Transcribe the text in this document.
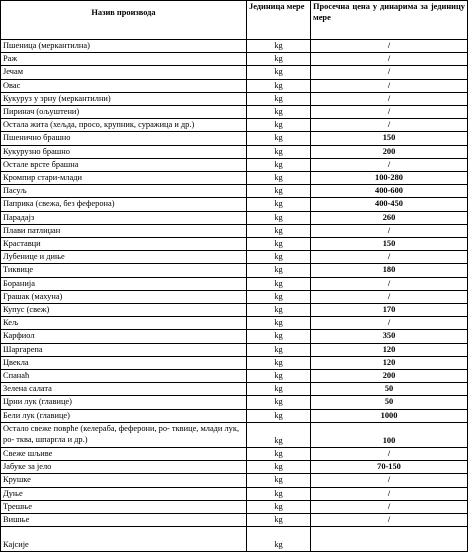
Назив производа	Јединица мере	Просечна цена у динарима за јединицу мере
Пшеница (меркантилна)	kg	/
Раж	kg	/
Јечам	kg	/
Овас	kg	/
Кукуруз у зрну (меркантилни)	kg	/
Пиринач (ољуштени)	kg	/
Остала жита (хељда, просо, крупник, суражица и др.)	kg	/
Пшенично брашно	kg	150
Кукурузно брашно	kg	200
Остале врсте брашна	kg	/
Кромпир стари-млади	kg	100-280
Пасуљ	kg	400-600
Паприка (свежа, без феферона)	kg	400-450
Парадајз	kg	260
Плави патлиџан	kg	/
Краставци	kg	150
Лубенице и диње	kg	/
Тиквице	kg	180
Боранија	kg	/
Грашак (махуна)	kg	/
Купус (свеж)	kg	170
Кељ	kg	/
Карфиол	kg	350
Шаргарепа	kg	120
Цвекла	kg	120
Спанаћ	kg	200
Зелена салата	kg	50
Црни лук (главице)	kg	50
Бели лук (главице)	kg	1000
Остало свеже поврће (келераба, феферони, ро- тквице, млади лук, ро- тква, шпаргла и др.)	kg	100
Свеже шљиве	kg	/
Јабуке за јело	kg	70-150
Крушке	kg	/
Дуње	kg	/
Трешње	kg	/
Вишње	kg	/
Кајсије	kg	
